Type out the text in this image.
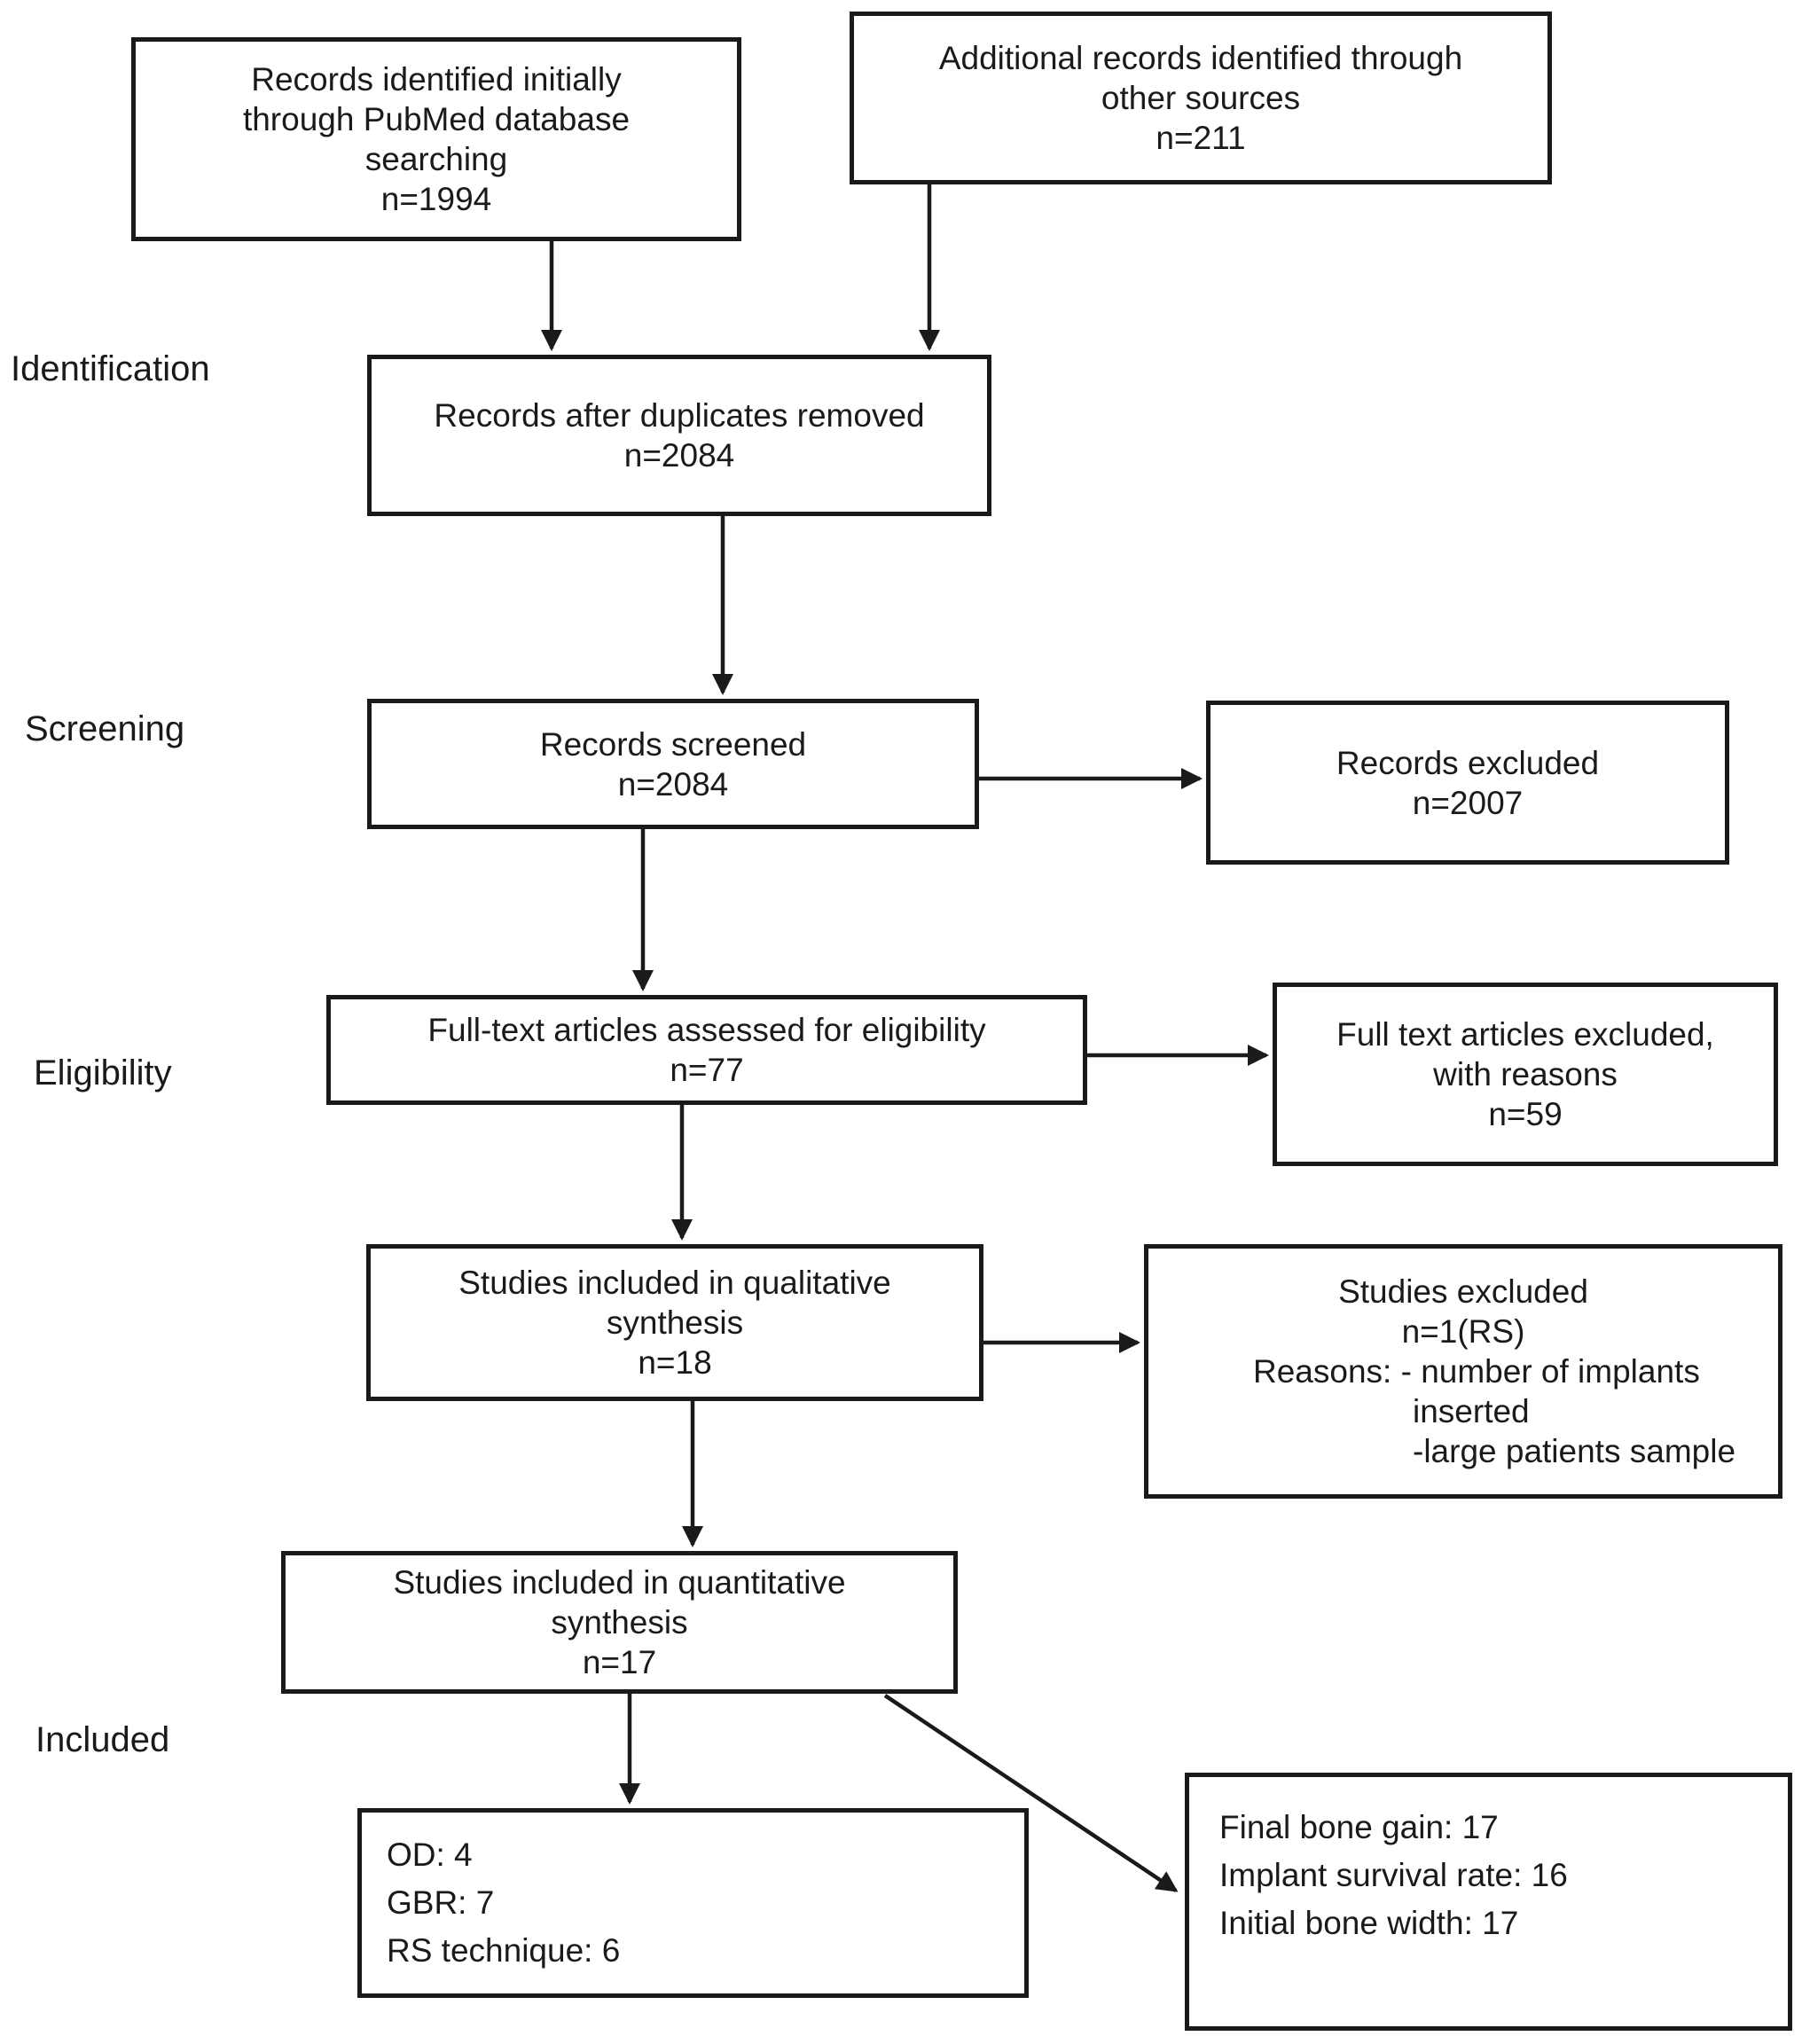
Identification
Screening
Eligibility
Included
Records identified initially
through PubMed database
searching
n=1994
Additional records identified through
other sources
n=211
Records after duplicates removed
n=2084
Records screened
n=2084
Records excluded
n=2007
Full-text articles assessed for eligibility
n=77
Full text articles excluded,
with reasons
n=59
Studies included in qualitative
synthesis
n=18
Studies excluded
n=1(RS)
Reasons: - number of implants
inserted
-large patients sample
Studies included in quantitative
synthesis
n=17
OD: 4
GBR: 7
RS technique: 6
Final bone gain: 17
Implant survival rate: 16
Initial bone width: 17
